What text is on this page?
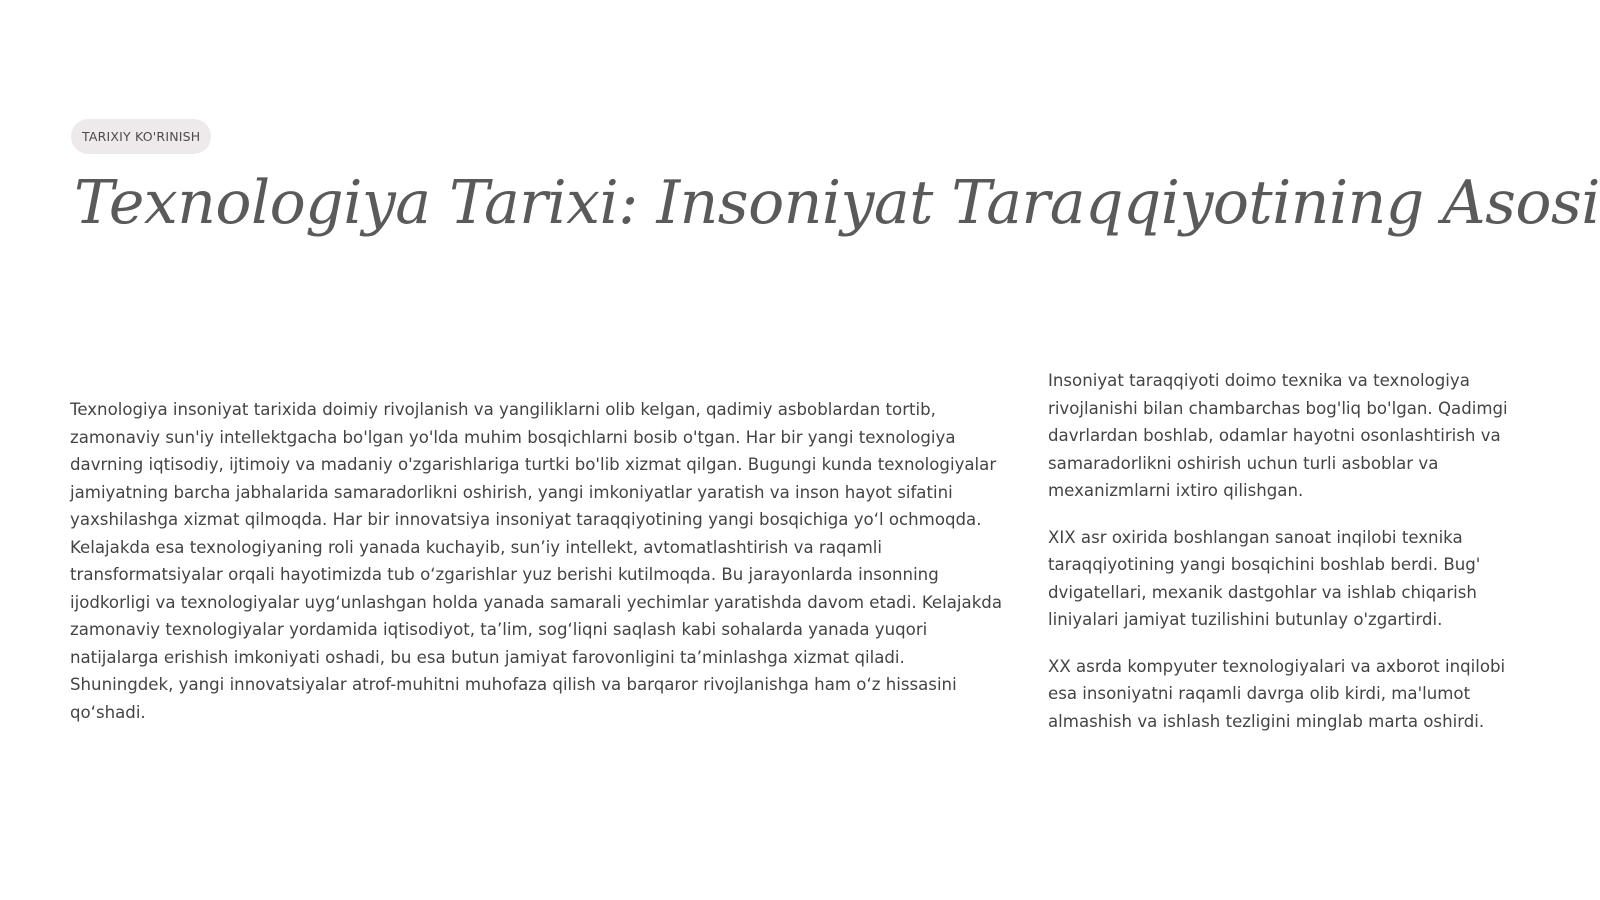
TARIXIY KO'RINISH
Texnologiya Tarixi: Insoniyat Taraqqiyotining Asosi

Texnologiya insoniyat tarixida doimiy rivojlanish va yangiliklarni olib kelgan, qadimiy asboblardan tortib, zamonaviy sun'iy intellektgacha bo'lgan yo'lda muhim bosqichlarni bosib o'tgan. Har bir yangi texnologiya davrning iqtisodiy, ijtimoiy va madaniy o'zgarishlariga turtki bo'lib xizmat qilgan. Bugungi kunda texnologiyalar jamiyatning barcha jabhalarida samaradorlikni oshirish, yangi imkoniyatlar yaratish va inson hayot sifatini yaxshilashga xizmat qilmoqda. Har bir innovatsiya insoniyat taraqqiyotining yangi bosqichiga yo‘l ochmoqda. Kelajakda esa texnologiyaning roli yanada kuchayib, sun’iy intellekt, avtomatlashtirish va raqamli transformatsiyalar orqali hayotimizda tub o‘zgarishlar yuz berishi kutilmoqda. Bu jarayonlarda insonning ijodkorligi va texnologiyalar uyg‘unlashgan holda yanada samarali yechimlar yaratishda davom etadi. Kelajakda zamonaviy texnologiyalar yordamida iqtisodiyot, ta’lim, sog‘liqni saqlash kabi sohalarda yanada yuqori natijalarga erishish imkoniyati oshadi, bu esa butun jamiyat farovonligini ta’minlashga xizmat qiladi. Shuningdek, yangi innovatsiyalar atrof-muhitni muhofaza qilish va barqaror rivojlanishga ham o‘z hissasini qo‘shadi.

Insoniyat taraqqiyoti doimo texnika va texnologiya rivojlanishi bilan chambarchas bog'liq bo'lgan. Qadimgi davrlardan boshlab, odamlar hayotni osonlashtirish va samaradorlikni oshirish uchun turli asboblar va mexanizmlarni ixtiro qilishgan.

XIX asr oxirida boshlangan sanoat inqilobi texnika taraqqiyotining yangi bosqichini boshlab berdi. Bug' dvigatellari, mexanik dastgohlar va ishlab chiqarish liniyalari jamiyat tuzilishini butunlay o'zgartirdi.

XX asrda kompyuter texnologiyalari va axborot inqilobi esa insoniyatni raqamli davrga olib kirdi, ma'lumot almashish va ishlash tezligini minglab marta oshirdi.
